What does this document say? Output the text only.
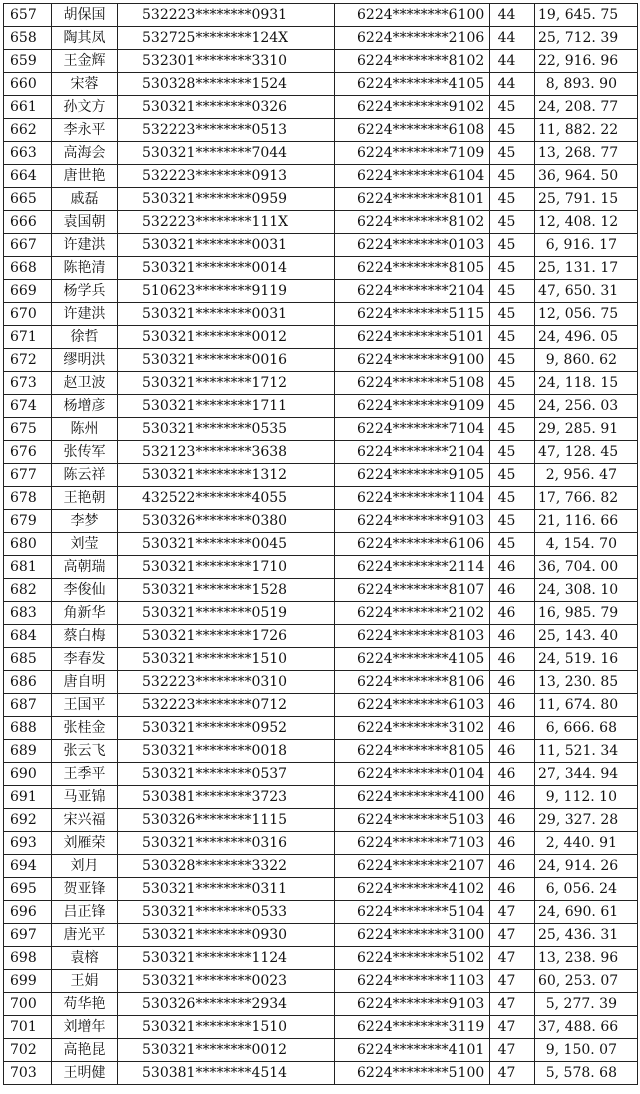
657	胡保国	532223********0931	6224********6100	44	19, 645. 75
658	陶其凤	532725********124X	6224********2106	44	25, 712. 39
659	王金辉	532301********3310	6224********8102	44	22, 916. 96
660	宋蓉	530328********1524	6224********4105	44	8, 893. 90
661	孙文方	530321********0326	6224********9102	45	24, 208. 77
662	李永平	532223********0513	6224********6108	45	11, 882. 22
663	高海会	530321********7044	6224********7109	45	13, 268. 77
664	唐世艳	532223********0913	6224********6104	45	36, 964. 50
665	戚磊	530321********0959	6224********8101	45	25, 791. 15
666	袁国朝	532223********111X	6224********8102	45	12, 408. 12
667	许建洪	530321********0031	6224********0103	45	6, 916. 17
668	陈艳清	530321********0014	6224********8105	45	25, 131. 17
669	杨学兵	510623********9119	6224********2104	45	47, 650. 31
670	许建洪	530321********0031	6224********5115	45	12, 056. 75
671	徐哲	530321********0012	6224********5101	45	24, 496. 05
672	缪明洪	530321********0016	6224********9100	45	9, 860. 62
673	赵卫波	530321********1712	6224********5108	45	24, 118. 15
674	杨增彦	530321********1711	6224********9109	45	24, 256. 03
675	陈州	530321********0535	6224********7104	45	29, 285. 91
676	张传军	532123********3638	6224********2104	45	47, 128. 45
677	陈云祥	530321********1312	6224********9105	45	2, 956. 47
678	王艳朝	432522********4055	6224********1104	45	17, 766. 82
679	李梦	530326********0380	6224********9103	45	21, 116. 66
680	刘莹	530321********0045	6224********6106	45	4, 154. 70
681	高朝瑞	530321********1710	6224********2114	46	36, 704. 00
682	李俊仙	530321********1528	6224********8107	46	24, 308. 10
683	角新华	530321********0519	6224********2102	46	16, 985. 79
684	蔡白梅	530321********1726	6224********8103	46	25, 143. 40
685	李春发	530321********1510	6224********4105	46	24, 519. 16
686	唐自明	532223********0310	6224********8106	46	13, 230. 85
687	王国平	532223********0712	6224********6103	46	11, 674. 80
688	张桂金	530321********0952	6224********3102	46	6, 666. 68
689	张云飞	530321********0018	6224********8105	46	11, 521. 34
690	王季平	530321********0537	6224********0104	46	27, 344. 94
691	马亚锦	530381********3723	6224********4100	46	9, 112. 10
692	宋兴福	530326********1115	6224********5103	46	29, 327. 28
693	刘雁荣	530321********0316	6224********7103	46	2, 440. 91
694	刘月	530328********3322	6224********2107	46	24, 914. 26
695	贺亚锋	530321********0311	6224********4102	46	6, 056. 24
696	吕正锋	530321********0533	6224********5104	47	24, 690. 61
697	唐光平	530321********0930	6224********3100	47	25, 436. 31
698	袁榕	530321********1124	6224********5102	47	13, 238. 96
699	王娟	530321********0023	6224********1103	47	60, 253. 07
700	苟华艳	530326********2934	6224********9103	47	5, 277. 39
701	刘增年	530321********1510	6224********3119	47	37, 488. 66
702	高艳昆	530321********0012	6224********4101	47	9, 150. 07
703	王明健	530381********4514	6224********5100	47	5, 578. 68
